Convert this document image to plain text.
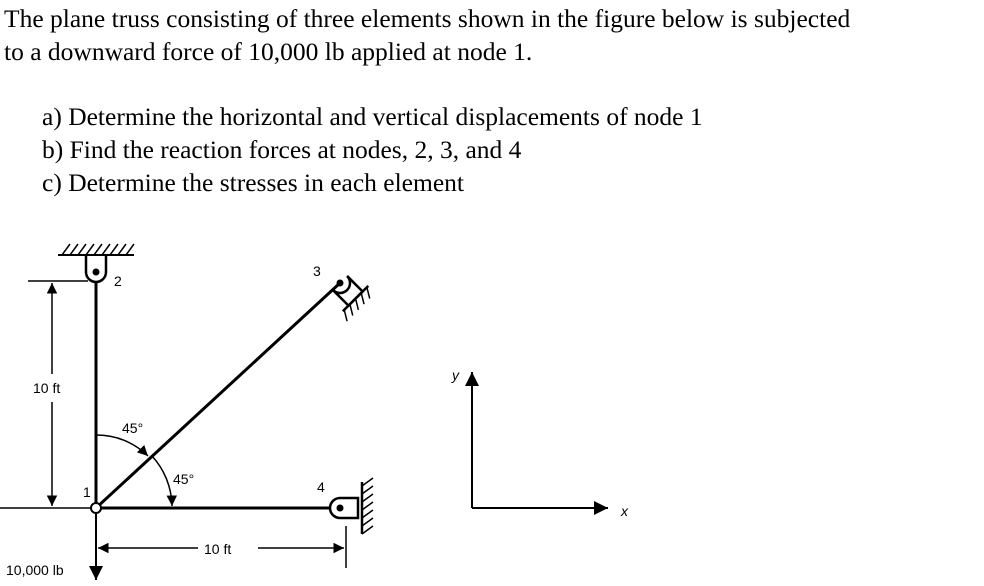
The plane truss consisting of three elements shown in the figure below is subjected

to a downward force of 10,000 lb applied at node 1.

a) Determine the horizontal and vertical displacements of node 1
b) Find the reaction forces at nodes, 2, 3, and 4
c) Determine the stresses in each element
2
3
4
1
10 ft
10 ft
45°
45°
10,000 lb
y
x
